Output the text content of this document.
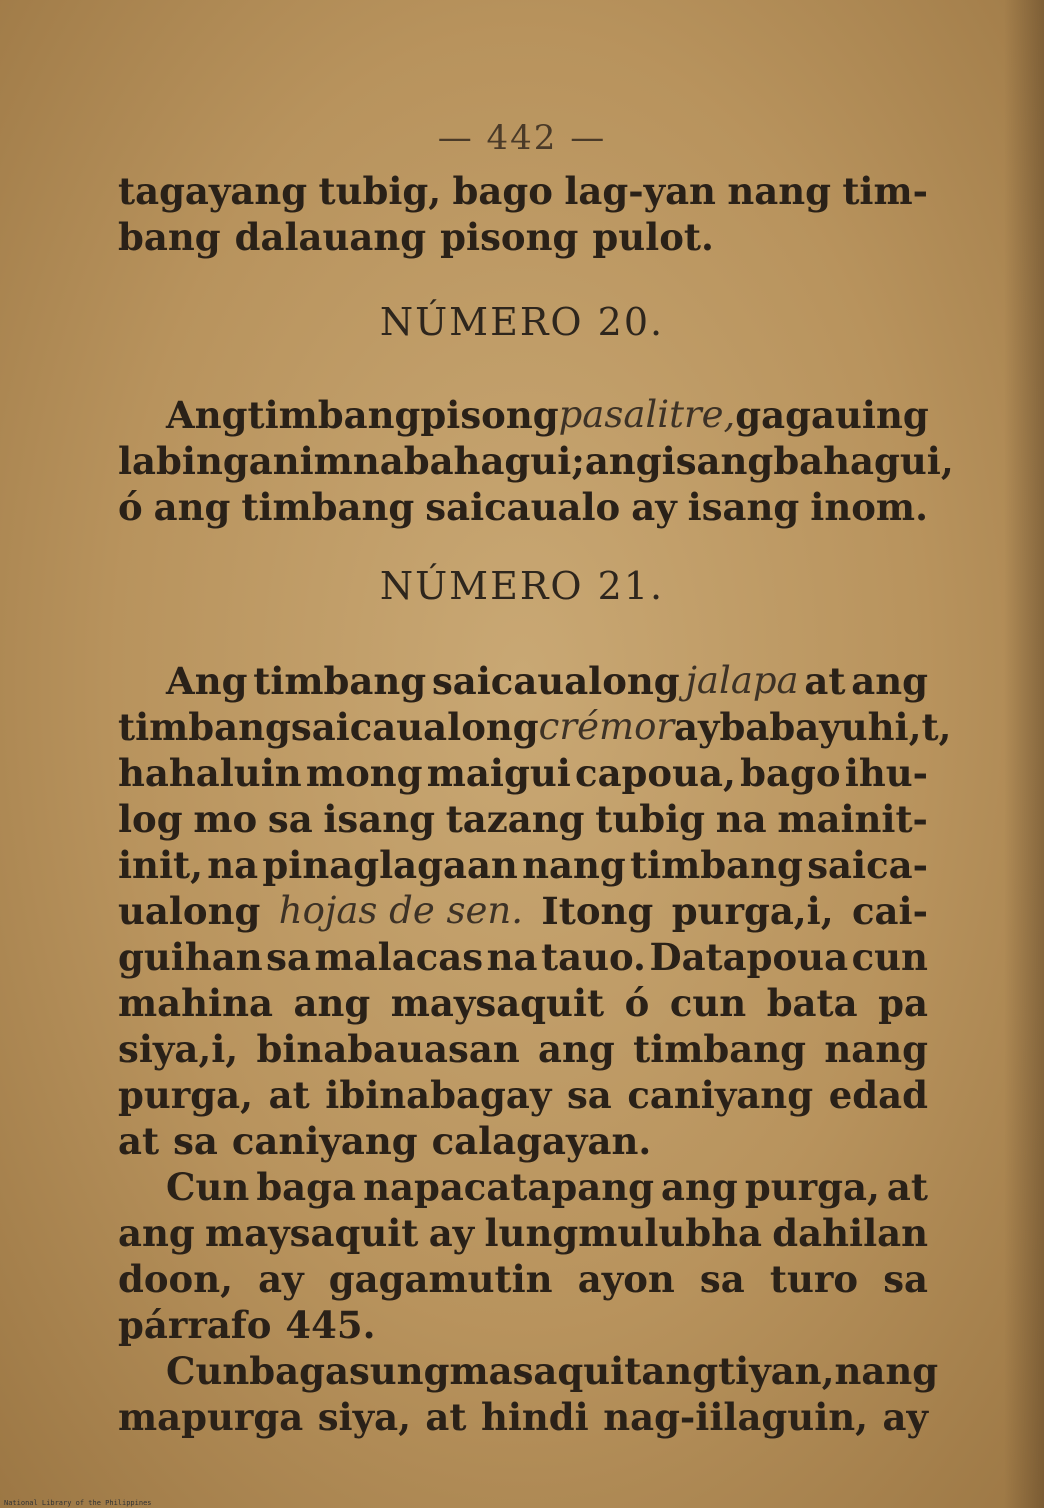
— 442 —
tagayang tubig, bago lag-yan nang tim-
bang dalauang pisong pulot.
NÚMERO 20.
Ang timbang pisong pasalitre, gagauing
labing anim na bahagui; ang isang bahagui,
ó ang timbang saicaualo ay isang inom.
NÚMERO 21.
Ang timbang saicaualong jalapa at ang
timbang saicaualong crémor ay babayuhi,t,
hahaluin mong maigui capoua, bago ihu-
log mo sa isang tazang tubig na mainit-
init, na pinaglagaan nang timbang saica-
ualong hojas de sen. Itong purga,i, cai-
guihan sa malacas na tauo. Datapoua cun
mahina ang maysaquit ó cun bata pa
siya,i, binabauasan ang timbang nang
purga, at ibinabagay sa caniyang edad
at sa caniyang calagayan.
Cun baga napacatapang ang purga, at
ang maysaquit ay lungmulubha dahilan
doon, ay gagamutin ayon sa turo sa
párrafo 445.
Cun baga sungmasaquit ang tiyan, nang
mapurga siya, at hindi nag-iilaguin, ay
National Library of the Philippines
